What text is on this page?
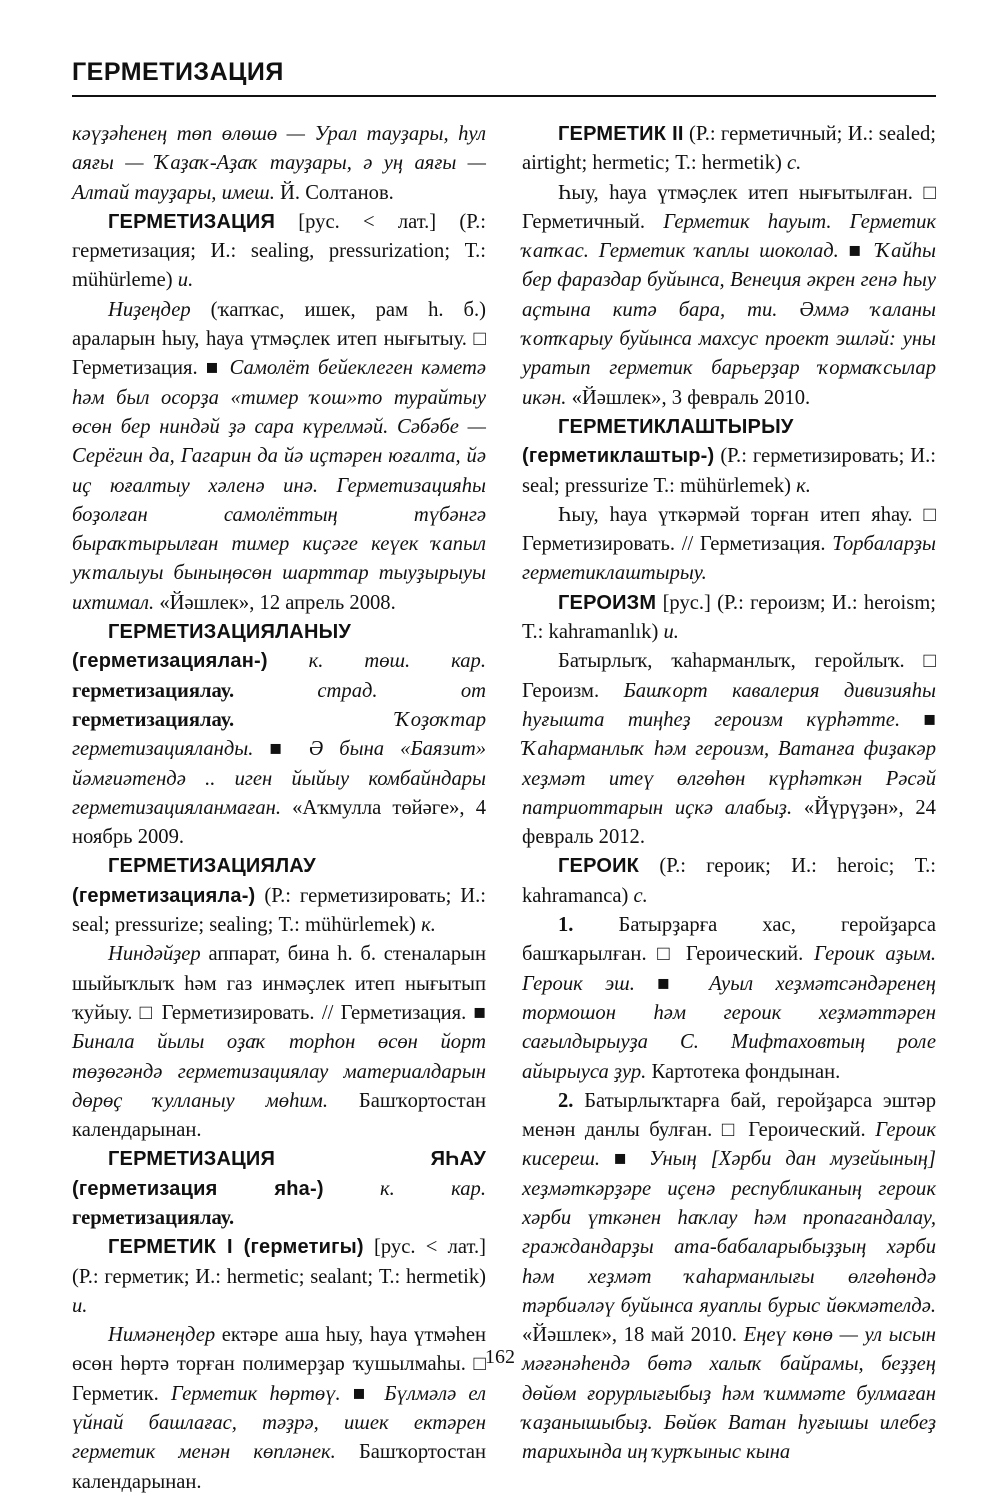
ГЕРМЕТИЗАЦИЯ

кәүҙәһенең төп өлөшө — Урал тауҙары, һул аяғы — Ҡаҙаҡ-Аҙаҡ тауҙары, ә уң аяғы — Алтай тауҙары, имеш. Й. Солтанов.

ГЕРМЕТИЗАЦИЯ [рус. < лат.] (Р.: герметизация; И.: sealing, pressurization; Т.: mühürleme) и.

Ниҙеңдер (ҡапҡас, ишек, рам һ. б.) араларын һыу, һауа үтмәҫлек итеп нығытыу. □ Герметизация. ■ Самолёт бейеклеген кәметә һәм был осорҙа «тимер ҡош»то турайтыу өсөн бер ниндәй ҙә сара күрелмәй. Сәбәбе — Серёгин да, Гагарин да йә иҫтәрен юғалта, йә иҫ юғалтыу хәленә инә. Герметизацияһы боҙолған самолёттың түбәнгә быраҡтырылған тимер киҫәге кеүек ҡапыл уҡталыуы быныңөсөн шарттар тыуҙырыуы ихтимал. «Йәшлек», 12 апрель 2008.

ГЕРМЕТИЗАЦИЯЛАНЫУ (герметизациялан-) к. төш. кар. герметизациялау. страд. от герметизациялау. Ҡоҙоҡтар герметизацияланды. ■ Ә бына «Баязит» йәмғиәтендә .. иген йыйыу комбайндары герметизацияланмаған. «Аҡмулла төйәге», 4 ноябрь 2009.

ГЕРМЕТИЗАЦИЯЛАУ (герметизациялa-) (Р.: герметизировать; И.: seal; pressurize; sealing; Т.: mühürlemek) к.

Ниндәйҙер аппарат, бина һ. б. стеналарын шыйыҡлыҡ һәм газ инмәҫлек итеп нығытып ҡуйыу. □ Герметизировать. // Герметизация. ■ Бинала йылы оҙаҡ торһон өсөн йорт төҙөгәндә герметизациялау материалдарын дөрөҫ ҡулланыу мөһим. Башҡортостан календарынан.

ГЕРМЕТИЗАЦИЯ ЯҺАУ (герметизация яһа-) к. кар. герметизациялау.

ГЕРМЕТИК I (герметигы) [рус. < лат.] (Р.: герметик; И.: hermetic; sealant; Т.: hermetik) и.

Нимәнеңдер ектәре аша һыу, һауа үтмәһен өсөн һөртә торған полимерҙар ҡушылмаһы. □ Герметик. Герметик һөртөү. ■ Бүлмәлә ел үйнай башлағас, тәҙрә, ишек ектәрен герметик менән көпләнек. Башҡортостан календарынан.

ГЕРМЕТИК II (Р.: герметичный; И.: sealed; airtight; hermetic; Т.: hermetik) с.

Һыу, һауа үтмәҫлек итеп нығытылған. □ Герметичный. Герметик һауыт. Герметик ҡапҡас. Герметик ҡаплы шоколад. ■ Ҡайһы бер фараздар буйынса, Венеция әкрен генә һыу аҫтына китә бара, ти. Әммә ҡаланы ҡотҡарыу буйынса махсус проект эшләй: уны уратып герметик барьерҙар ҡормаҡсылар икән. «Йәшлек», 3 февраль 2010.

ГЕРМЕТИКЛАШТЫРЫУ (герметиклаштыр-) (Р.: герметизировать; И.: seal; pressurize Т.: mühürlemek) к.

Һыу, һауа үткәрмәй торған итеп яһау. □ Герметизировать. // Герметизация. Торбаларҙы герметиклаштырыу.

ГЕРОИЗМ [рус.] (Р.: героизм; И.: heroism; Т.: kahramanlık) и.

Батырлыҡ, ҡаһарманлыҡ, геройлыҡ. □ Героизм. Башҡорт кавалерия дивизияһы һуғышта тиңһеҙ героизм күрһәтте. ■ Ҡаһарманлыҡ һәм героизм, Ватанға фиҙакәр хеҙмәт итеү өлгөһөн күрһәткән Рәсәй патриоттарын иҫкә алабыҙ. «Йүрүҙән», 24 февраль 2012.

ГЕРОИК (Р.: героик; И.: heroic; Т.: kahramanca) с.

1. Батырҙарға хас, геройҙарса башҡарылған. □ Героический. Героик аҙым. Героик эш. ■ Ауыл хеҙмәтсәндәренең тормошон һәм героик хеҙмәттәрен сағылдырыуҙа С. Мифтаховтың роле айырыуса ҙур. Картотека фондынан.

2. Батырлыҡтарға бай, геройҙарса эштәр менән данлы булған. □ Героический. Героик кисереш. ■ Уның [Хәрби дан музейының] хеҙмәткәрҙәре иҫенә республиканың героик хәрби үткәнен һаҡлау һәм пропагандалау, граждандарҙы ата-бабаларыбыҙҙың хәрби һәм хеҙмәт ҡаһарманлығы өлгөһөндә тәрбиәләү буйынса яуаплы бурыс йөкмәтелдә. «Йәшлек», 18 май 2010. Еңеү көнө — ул ысын мәғәнәһендә бөтә халыҡ байрамы, беҙҙең дөйөм ғорурлығыбыҙ һәм ҡиммәте булмаған ҡаҙанышыбыҙ. Бөйөк Ватан һуғышы илебеҙ тарихында иң ҡурҡыныс кына

162
